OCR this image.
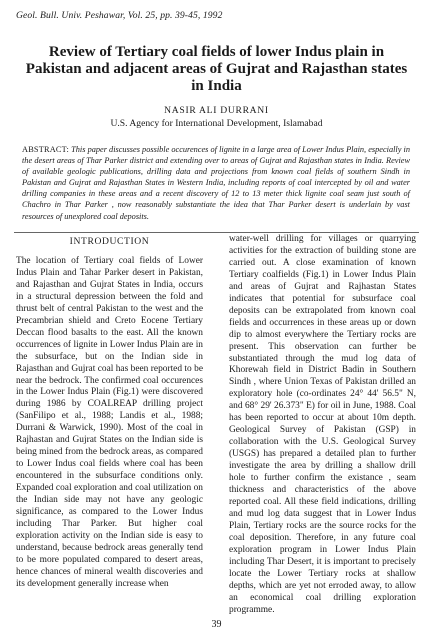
Geol. Bull. Univ. Peshawar, Vol. 25, pp. 39-45, 1992
Review of Tertiary coal fields of lower Indus plain in
Pakistan and adjacent areas of Gujrat and Rajasthan states
in India
NASIR ALI DURRANI
U.S. Agency for International Development, Islamabad
ABSTRACT: This paper discusses possible occurences of lignite in a large area of Lower Indus Plain, especially in the desert areas of Thar Parker district and extending over to areas of Gujrat and Rajasthan states in India. Review of available geologic publications, drilling data and projections from known coal fields of southern Sindh in Pakistan and Gujrat and Rajasthan States in Western India, including reports of coal intercepted by oil and water drilling companies in these areas and a recent discovery of 12 to 13 meter thick lignite coal seam just south of Chachro in Thar Parker , now reasonably substantiate the idea that Thar Parker desert is underlain by vast resources of unexplored coal deposits.
INTRODUCTION
The location of Tertiary coal fields of Lower Indus Plain and Tahar Parker desert in Pakistan, and Rajasthan and Gujrat States in India, occurs in a structural depression between the fold and thrust belt of central Pakistan to the west and the Precambrian shield and Creto Eocene Tertiary Deccan flood basalts to the east. All the known occurrences of lignite in Lower Indus Plain are in the subsurface, but on the Indian side in Rajasthan and Gujrat coal has been reported to be near the bedrock. The confirmed coal occurences in the Lower Indus Plain (Fig.1) were discovered during 1986 by COALREAP drilling project (SanFilipo et al., 1988; Landis et al., 1988; Durrani & Warwick, 1990). Most of the coal in Rajhastan and Gujrat States on the Indian side is being mined from the bedrock areas, as compared to Lower Indus coal fields where coal has been encountered in the subsurface conditions only. Expanded coal exploration and coal utilization on the Indian side may not have any geologic significance, as compared to the Lower Indus including Thar Parker. But higher coal exploration activity on the Indian side is easy to understand, because bedrock areas generally tend to be more populated compared to desert areas, hence chances of mineral wealth discoveries and its development generally increase when
water-well drilling for villages or quarrying activities for the extraction of building stone are carried out. A close examination of known Tertiary coalfields (Fig.1) in Lower Indus Plain and areas of Gujrat and Rajhastan States indicates that potential for subsurface coal deposits can be extrapolated from known coal fields and occurrences in these areas up or down dip to almost everywhere the Tertiary rocks are present. This observation can further be substantiated through the mud log data of Khorewah field in District Badin in Southern Sindh , where Union Texas of Pakistan drilled an exploratory hole (co-ordinates 24° 44' 56.5" N, and 68° 29' 26.373" E) for oil in June, 1988. Coal has been reported to occur at about 10m depth. Geological Survey of Pakistan (GSP) in collaboration with the U.S. Geological Survey (USGS) has prepared a detailed plan to further investigate the area by drilling a shallow drill hole to further confirm the existance , seam thickness and characteristics of the above reported coal. All these field indications, drilling and mud log data suggest that in Lower Indus Plain, Tertiary rocks are the source rocks for the coal deposition. Therefore, in any future coal exploration program in Lower Indus Plain including Thar Desert, it is important to precisely locate the Lower Tertiary rocks at shallow depths, which are yet not erroded away, to allow an economical coal drilling exploration programme.
39
